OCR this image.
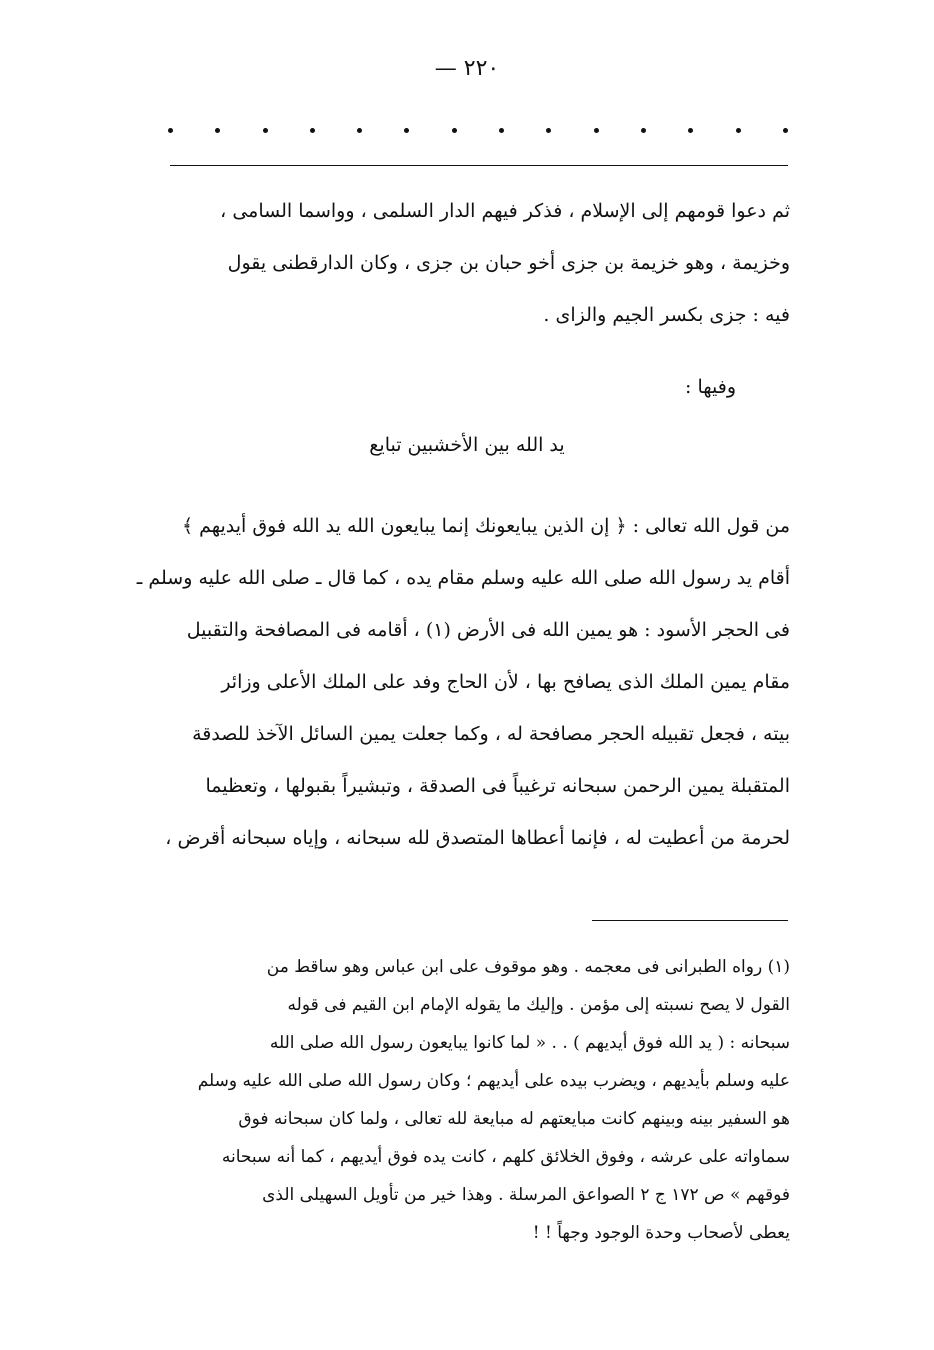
٢٢٠ —
ثم دعوا قومهم إلى الإسلام ، فذكر فيهم الدار السلمى ، وواسما السامى ،
وخزيمة ، وهو خزيمة بن جزى أخو حبان بن جزى ، وكان الدارقطنى يقول
فيه : جزى بكسر الجيم والزاى .
وفيها :
يد الله بين الأخشبين تبايع
من قول الله تعالى : ﴿ إن الذين يبايعونك إنما يبايعون الله يد الله فوق أيديهم ﴾
أقام يد رسول الله صلى الله عليه وسلم مقام يده ، كما قال ـ صلى الله عليه وسلم ـ
فى الحجر الأسود : هو يمين الله فى الأرض (١) ، أقامه فى المصافحة والتقبيل
مقام يمين الملك الذى يصافح بها ، لأن الحاج وفد على الملك الأعلى وزائر
بيته ، فجعل تقبيله الحجر مصافحة له ، وكما جعلت يمين السائل الآخذ للصدقة
المتقبلة يمين الرحمن سبحانه ترغيباً فى الصدقة ، وتبشيراً بقبولها ، وتعظيما
لحرمة من أعطيت له ، فإنما أعطاها المتصدق لله سبحانه ، وإياه سبحانه أقرض ،
(١) رواه الطبرانى فى معجمه . وهو موقوف على ابن عباس وهو ساقط من
القول لا يصح نسبته إلى مؤمن . وإليك ما يقوله الإمام ابن القيم فى قوله
سبحانه : ( يد الله فوق أيديهم ) . . « لما كانوا يبايعون رسول الله صلى الله
عليه وسلم بأيديهم ، ويضرب بيده على أيديهم ؛ وكان رسول الله صلى الله عليه وسلم
هو السفير بينه وبينهم كانت مبايعتهم له مبايعة لله تعالى ، ولما كان سبحانه فوق
سماواته على عرشه ، وفوق الخلائق كلهم ، كانت يده فوق أيديهم ، كما أنه سبحانه
فوقهم » ص ١٧٢ ج ٢ الصواعق المرسلة . وهذا خير من تأويل السهيلى الذى
يعطى لأصحاب وحدة الوجود وجهاً ! !
